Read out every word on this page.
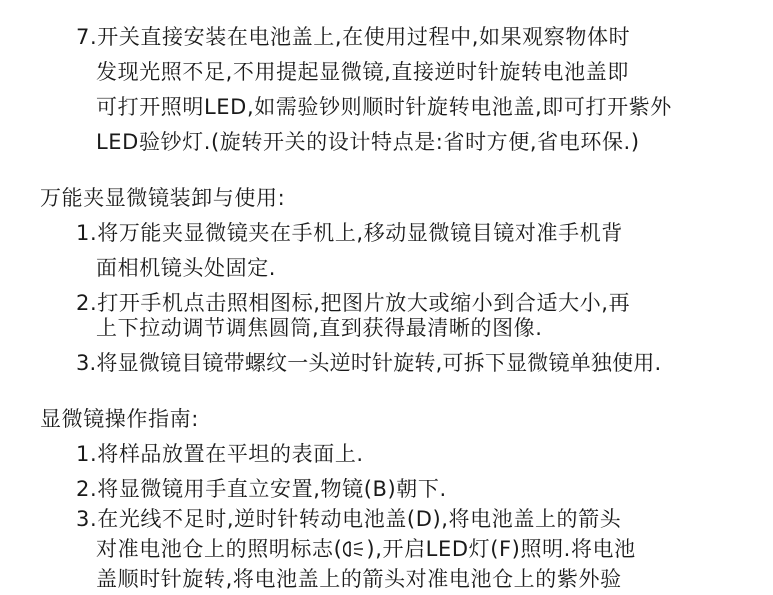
7.开关直接安装在电池盖上,在使用过程中,如果观察物体时
发现光照不足,不用提起显微镜,直接逆时针旋转电池盖即
可打开照明LED,如需验钞则顺时针旋转电池盖,即可打开紫外
LED验钞灯.(旋转开关的设计特点是:省时方便,省电环保.)
万能夹显微镜装卸与使用:
1.将万能夹显微镜夹在手机上,移动显微镜目镜对准手机背
面相机镜头处固定.
2.打开手机点击照相图标,把图片放大或缩小到合适大小,再
上下拉动调节调焦圆筒,直到获得最清晰的图像.
3.将显微镜目镜带螺纹一头逆时针旋转,可拆下显微镜单独使用.
显微镜操作指南:
1.将样品放置在平坦的表面上.
2.将显微镜用手直立安置,物镜(B)朝下.
3.在光线不足时,逆时针转动电池盖(D),将电池盖上的箭头
对准电池仓上的照明标志( ),开启LED灯(F)照明.将电池
盖顺时针旋转,将电池盖上的箭头对准电池仓上的紫外验
